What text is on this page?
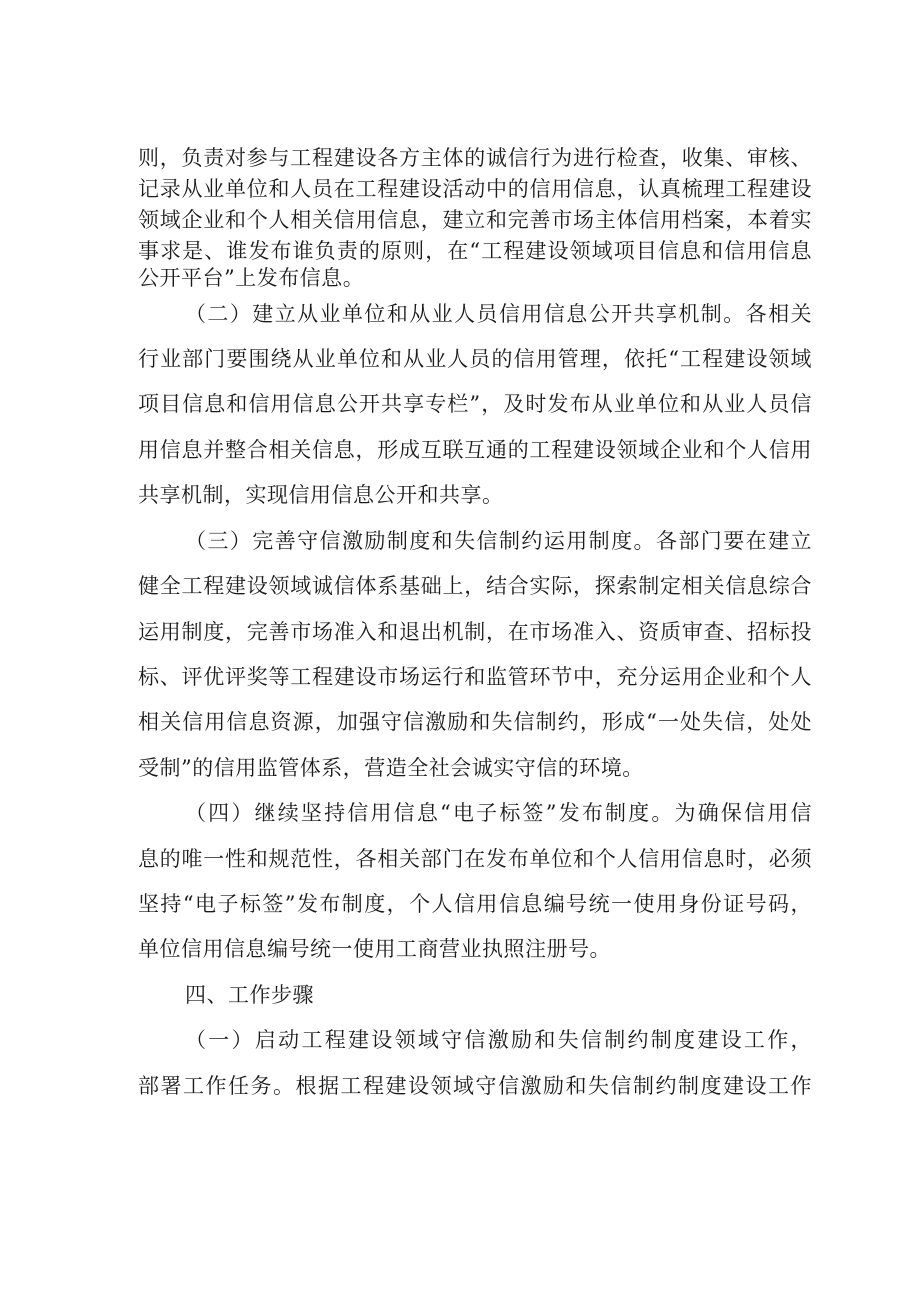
则，负责对参与工程建设各方主体的诚信行为进行检查，收集、审核、
记录从业单位和人员在工程建设活动中的信用信息，认真梳理工程建设
领域企业和个人相关信用信息，建立和完善市场主体信用档案，本着实
事求是、谁发布谁负责的原则，在“工程建设领域项目信息和信用信息
公开平台”上发布信息。
（二）建立从业单位和从业人员信用信息公开共享机制。各相关
行业部门要围绕从业单位和从业人员的信用管理，依托“工程建设领域
项目信息和信用信息公开共享专栏”，及时发布从业单位和从业人员信
用信息并整合相关信息，形成互联互通的工程建设领域企业和个人信用
共享机制，实现信用信息公开和共享。
（三）完善守信激励制度和失信制约运用制度。各部门要在建立
健全工程建设领域诚信体系基础上，结合实际，探索制定相关信息综合
运用制度，完善市场准入和退出机制，在市场准入、资质审查、招标投
标、评优评奖等工程建设市场运行和监管环节中，充分运用企业和个人
相关信用信息资源，加强守信激励和失信制约，形成“一处失信，处处
受制”的信用监管体系，营造全社会诚实守信的环境。
（四）继续坚持信用信息“电子标签”发布制度。为确保信用信
息的唯一性和规范性，各相关部门在发布单位和个人信用信息时，必须
坚持“电子标签”发布制度，个人信用信息编号统一使用身份证号码，
单位信用信息编号统一使用工商营业执照注册号。
四、工作步骤
（一）启动工程建设领域守信激励和失信制约制度建设工作，
部署工作任务。根据工程建设领域守信激励和失信制约制度建设工作
